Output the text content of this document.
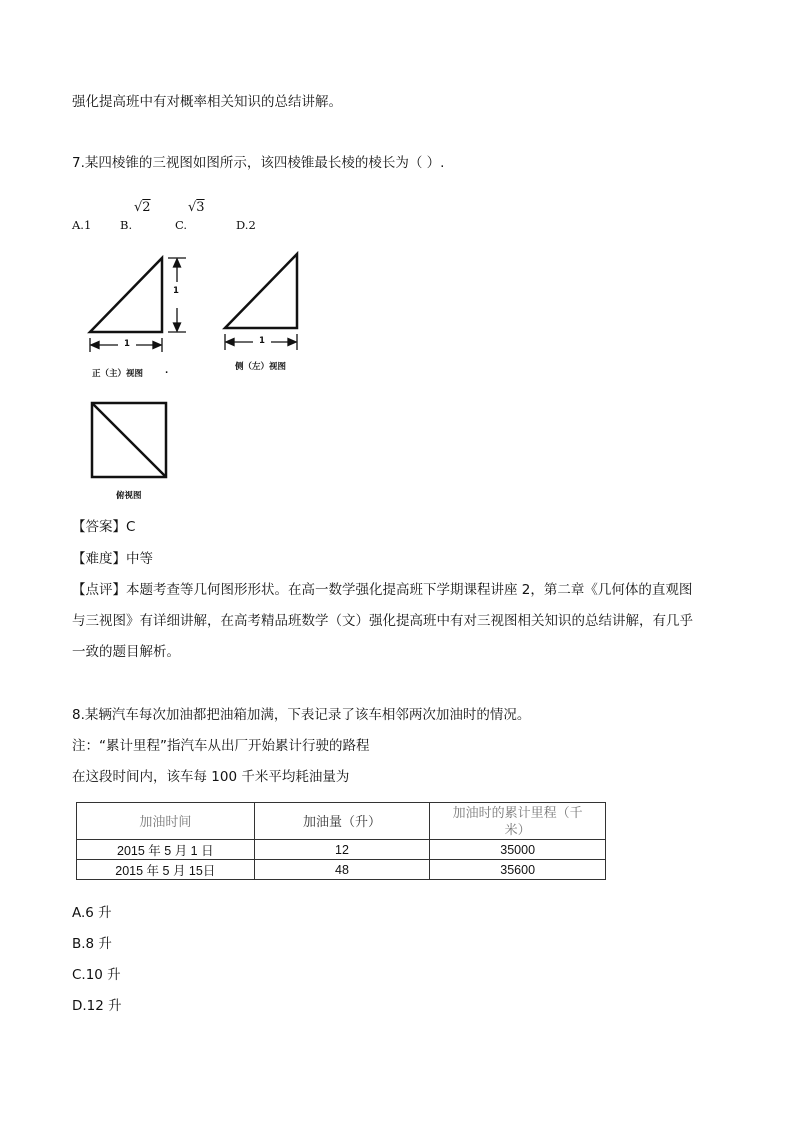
强化提高班中有对概率相关知识的总结讲解。
7.某四棱锥的三视图如图所示，该四棱锥最长棱的棱长为（ ）.
A.1 B.
√2
C.
√3
D.2
1
1	1
正（主）视图	.	侧（左）视图
俯视图
【答案】C
【难度】中等
【点评】本题考查等几何图形形状。在高一数学强化提高班下学期课程讲座 2，第二章《几何体的直观图
与三视图》有详细讲解，在高考精品班数学（文）强化提高班中有对三视图相关知识的总结讲解，有几乎
一致的题目解析。
8.某辆汽车每次加油都把油箱加满，下表记录了该车相邻两次加油时的情况。
注：“累计里程”指汽车从出厂开始累计行驶的路程
在这段时间内，该车每 100 千米平均耗油量为
加油时间	加油量（升）	加油时的累计里程（千
米）
2015 年 5 月 1 日	12	35000
2015 年 5 月 15日	48	35600
A.6 升
B.8 升
C.10 升
D.12 升
